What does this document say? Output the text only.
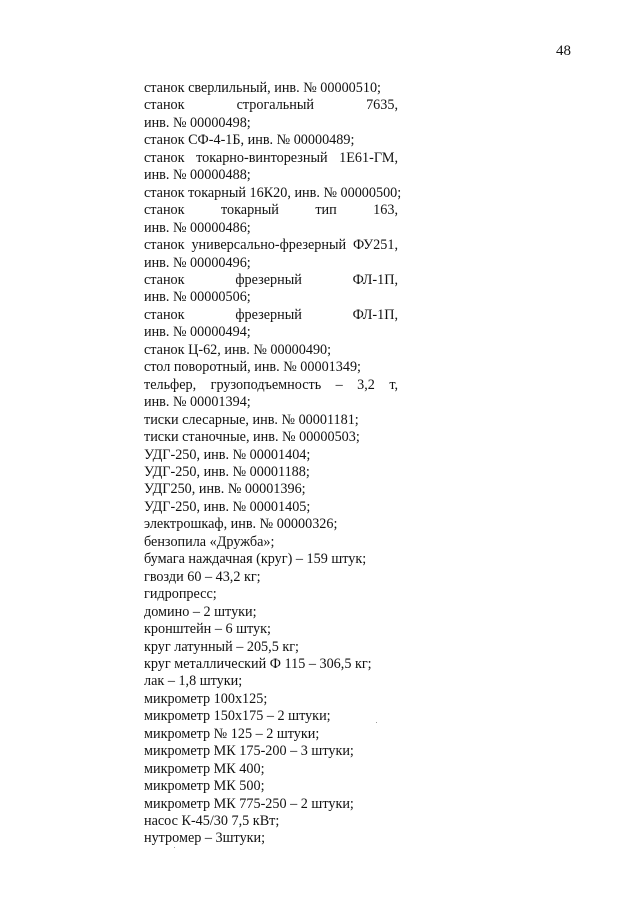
48
станок сверлильный, инв. № 00000510;
станок строгальный 7635,
инв. № 00000498;
станок СФ-4-1Б, инв. № 00000489;
станок токарно-винторезный 1Е61-ГМ,
инв. № 00000488;
станок токарный 16К20, инв. № 00000500;
станок токарный тип 163,
инв. № 00000486;
станок универсально-фрезерный ФУ251,
инв. № 00000496;
станок фрезерный ФЛ-1П,
инв. № 00000506;
станок фрезерный ФЛ-1П,
инв. № 00000494;
станок Ц-62, инв. № 00000490;
стол поворотный, инв. № 00001349;
тельфер, грузоподъемность – 3,2 т,
инв. № 00001394;
тиски слесарные, инв. № 00001181;
тиски станочные, инв. № 00000503;
УДГ-250, инв. № 00001404;
УДГ-250, инв. № 00001188;
УДГ250, инв. № 00001396;
УДГ-250, инв. № 00001405;
электрошкаф, инв. № 00000326;
бензопила «Дружба»;
бумага наждачная (круг) – 159 штук;
гвозди 60 – 43,2 кг;
гидропресс;
домино – 2 штуки;
кронштейн – 6 штук;
круг латунный – 205,5 кг;
круг металлический Ф 115 – 306,5 кг;
лак – 1,8 штуки;
микрометр 100х125;
микрометр 150х175 – 2 штуки;
микрометр № 125 – 2 штуки;
микрометр МК 175-200 – 3 штуки;
микрометр МК 400;
микрометр МК 500;
микрометр МК 775-250 – 2 штуки;
насос К-45/30 7,5 кВт;
нутромер – 3штуки;
